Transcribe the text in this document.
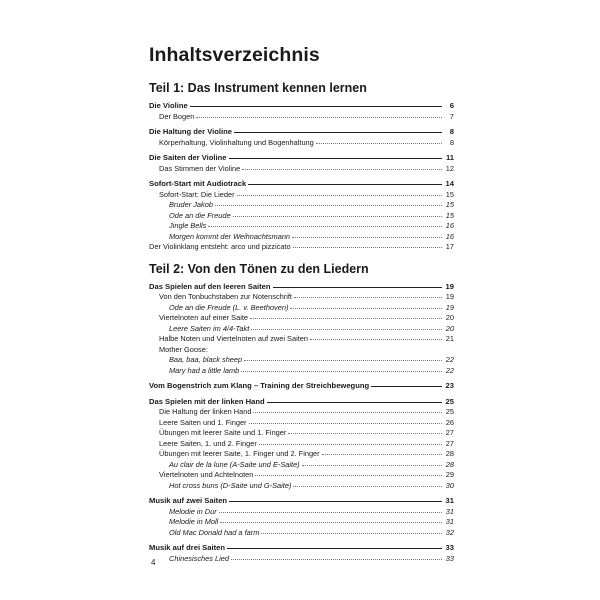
Inhaltsverzeichnis
Teil 1: Das Instrument kennen lernen
Die Violine	6
Der Bogen	7
Die Haltung der Violine	8
Körperhaltung, Violinhaltung und Bogenhaltung	8
Die Saiten der Violine	11
Das Stimmen der Violine	12
Sofort-Start mit Audiotrack	14
Sofort-Start: Die Lieder	15
Bruder Jakob	15
Ode an die Freude	15
Jingle Bells	16
Morgen kommt der Weihnachtsmann	16
Der Violinklang entsteht: arco und pizzicato	17
Teil 2: Von den Tönen zu den Liedern
Das Spielen auf den leeren Saiten	19
Von den Tonbuchstaben zur Notenschrift	19
Ode an die Freude (L. v. Beethoven)	19
Viertelnoten auf einer Saite	20
Leere Saiten im 4/4-Takt	20
Halbe Noten und Viertelnoten auf zwei Saiten	21
Mother Goose:
Baa, baa, black sheep	22
Mary had a little lamb	22
Vom Bogenstrich zum Klang – Training der Streichbewegung	23
Das Spielen mit der linken Hand	25
Die Haltung der linken Hand	25
Leere Saiten und 1. Finger	26
Übungen mit leerer Saite und 1. Finger	27
Leere Saiten, 1. und 2. Finger	27
Übungen mit leerer Saite, 1. Finger und 2. Finger	28
Au clair de la lune (A-Saite und E-Saite)	28
Viertelnoten und Achtelnoten	29
Hot cross buns (D-Saite und G-Saite)	30
Musik auf zwei Saiten	31
Melodie in Dur	31
Melodie in Moll	31
Old Mac Donald had a farm	32
Musik auf drei Saiten	33
Chinesisches Lied	33
4
